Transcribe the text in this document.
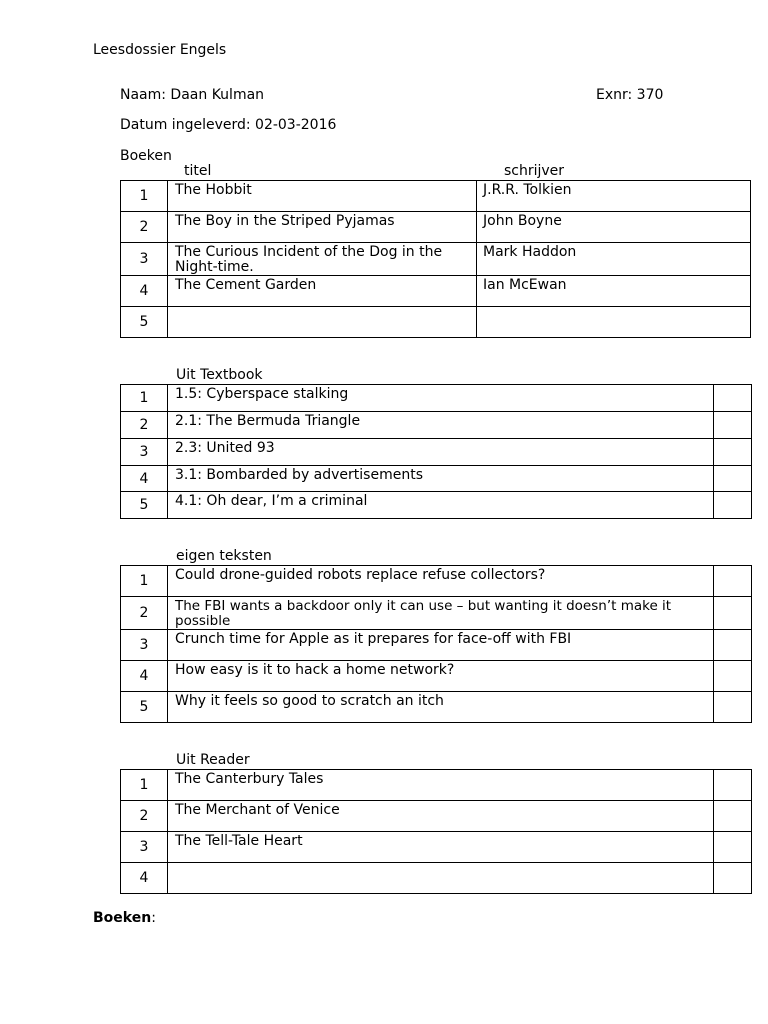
Leesdossier Engels
Naam: Daan Kulman	Exnr: 370
Datum ingeleverd: 02-03-2016
Boeken
titel	schrijver
1	The Hobbit	J.R.R. Tolkien
2	The Boy in the Striped Pyjamas	John Boyne
3	The Curious Incident of the Dog in the Night-time.	Mark Haddon
4	The Cement Garden	Ian McEwan
5		
Uit Textbook
1	1.5: Cyberspace stalking	
2	2.1: The Bermuda Triangle	
3	2.3: United 93	
4	3.1: Bombarded by advertisements	
5	4.1: Oh dear, I’m a criminal	
eigen teksten
1	Could drone-guided robots replace refuse collectors?	
2	The FBI wants a backdoor only it can use – but wanting it doesn’t make it possible	
3	Crunch time for Apple as it prepares for face-off with FBI	
4	How easy is it to hack a home network?	
5	Why it feels so good to scratch an itch	
Uit Reader
1	The Canterbury Tales	
2	The Merchant of Venice	
3	The Tell-Tale Heart	
4		
Boeken:
